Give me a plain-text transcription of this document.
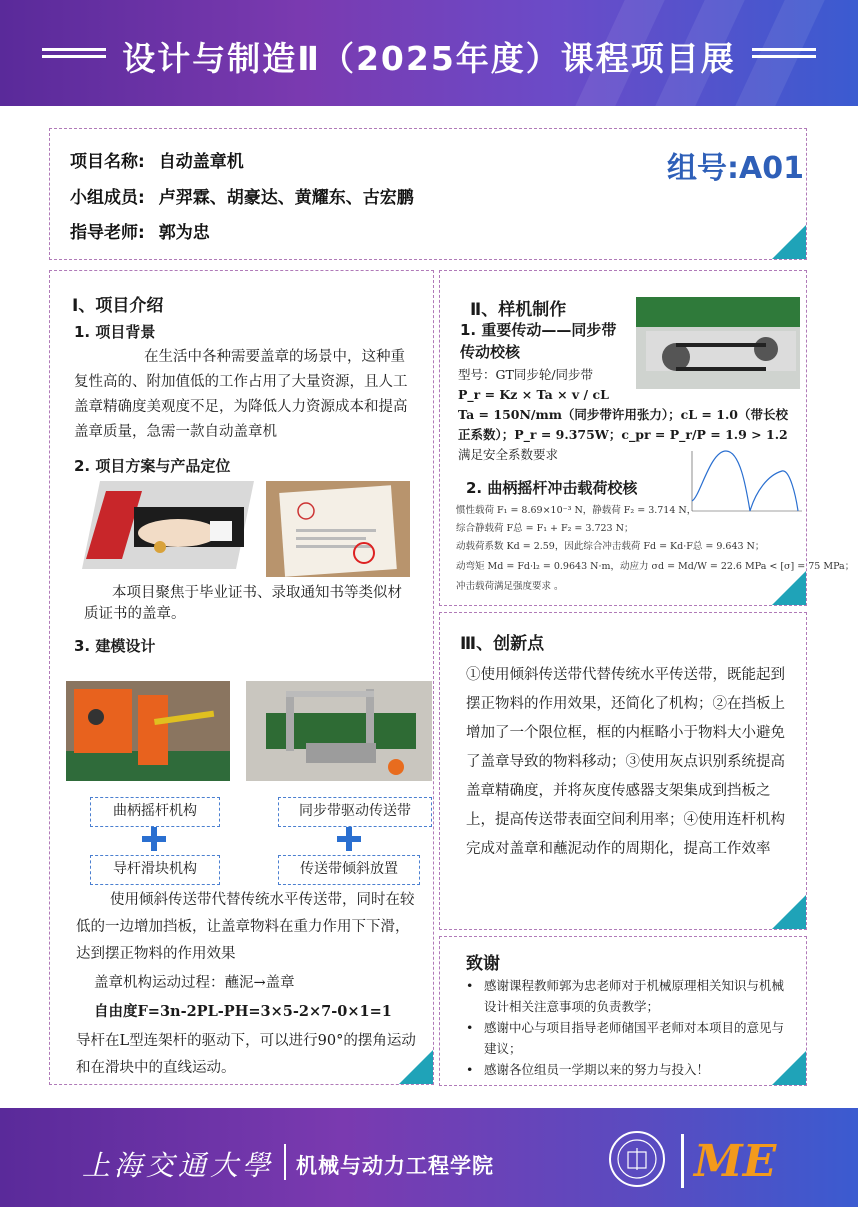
设计与制造Ⅱ（2025年度）课程项目展
项目名称: 自动盖章机
小组成员: 卢羿霖、胡豪达、黄耀东、古宏鹏
指导老师: 郭为忠
组号:A01
Ⅰ、项目介绍
1. 项目背景
在生活中各种需要盖章的场景中，这种重复性高的、附加值低的工作占用了大量资源，且人工盖章精确度美观度不足，为降低人力资源成本和提高盖章质量，急需一款自动盖章机
2. 项目方案与产品定位
本项目聚焦于毕业证书、录取通知书等类似材质证书的盖章。
3. 建模设计
曲柄摇杆机构	同步带驱动传送带
导杆滑块机构	传送带倾斜放置
使用倾斜传送带代替传统水平传送带，同时在较低的一边增加挡板，让盖章物料在重力作用下下滑，达到摆正物料的作用效果
盖章机构运动过程：蘸泥→盖章
自由度F=3n-2PL-PH=3×5-2×7-0×1=1
导杆在L型连架杆的驱动下，可以进行90°的摆角运动和在滑块中的直线运动。
Ⅱ、样机制作
1. 重要传动——同步带传动校核
型号：GT同步轮/同步带
P_r = Kz × Ta × v / cL
Ta = 150N/mm（同步带许用张力）；cL = 1.0（带长校正系数）；P_r = 9.375W；c_pr = P_r/P = 1.9 > 1.2
满足安全系数要求
2. 曲柄摇杆冲击载荷校核
惯性载荷 F₁ = 8.69×10⁻³ N，静载荷 F₂ = 3.714 N，
综合静载荷 F总 = F₁ + F₂ = 3.723 N；
动载荷系数 Kd = 2.59，因此综合冲击载荷 Fd = Kd·F总 = 9.643 N；
动弯矩 Md = Fd·l₂ = 0.9643 N·m，动应力 σd = Md/W = 22.6 MPa < [σ] = 75 MPa；
冲击载荷满足强度要求 。
Ⅲ、创新点
①使用倾斜传送带代替传统水平传送带，既能起到摆正物料的作用效果，还简化了机构；②在挡板上增加了一个限位框，框的内框略小于物料大小避免了盖章导致的物料移动；③使用灰点识别系统提高盖章精确度，并将灰度传感器支架集成到挡板之上，提高传送带表面空间利用率；④使用连杆机构完成对盖章和蘸泥动作的周期化，提高工作效率
致谢
• 感谢课程教师郭为忠老师对于机械原理相关知识与机械设计相关注意事项的负责教学；
• 感谢中心与项目指导老师储国平老师对本项目的意见与建议；
• 感谢各位组员一学期以来的努力与投入！
上海交通大學 机械与动力工程学院	ME
